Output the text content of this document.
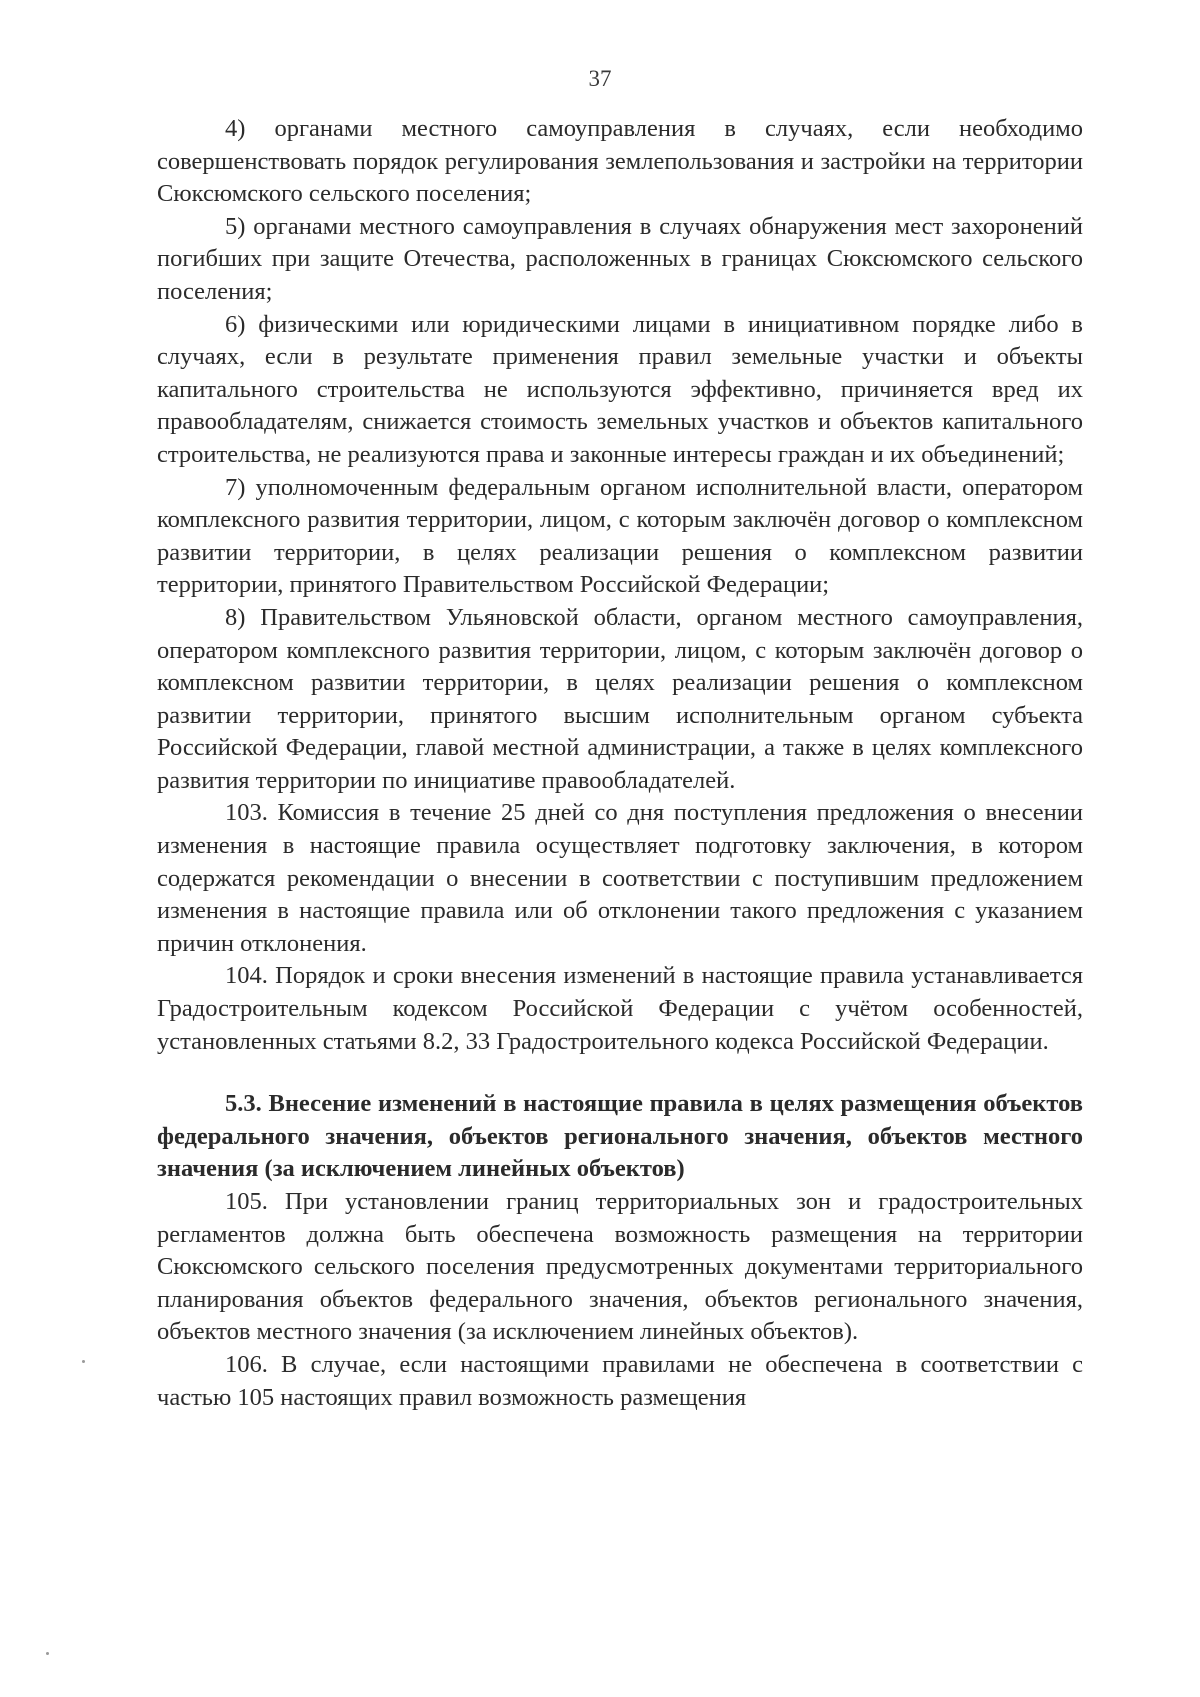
37

4) органами местного самоуправления в случаях, если необходимо совершенствовать порядок регулирования землепользования и застройки на территории Сюксюмского сельского поселения;

5) органами местного самоуправления в случаях обнаружения мест захоронений погибших при защите Отечества, расположенных в границах Сюксюмского сельского поселения;

6) физическими или юридическими лицами в инициативном порядке либо в случаях, если в результате применения правил земельные участки и объекты капитального строительства не используются эффективно, причиняется вред их правообладателям, снижается стоимость земельных участков и объектов капитального строительства, не реализуются права и законные интересы граждан и их объединений;

7) уполномоченным федеральным органом исполнительной власти, оператором комплексного развития территории, лицом, с которым заключён договор о комплексном развитии территории, в целях реализации решения о комплексном развитии территории, принятого Правительством Российской Федерации;

8) Правительством Ульяновской области, органом местного самоуправления, оператором комплексного развития территории, лицом, с которым заключён договор о комплексном развитии территории, в целях реализации решения о комплексном развитии территории, принятого высшим исполнительным органом субъекта Российской Федерации, главой местной администрации, а также в целях комплексного развития территории по инициативе правообладателей.

103. Комиссия в течение 25 дней со дня поступления предложения о внесении изменения в настоящие правила осуществляет подготовку заключения, в котором содержатся рекомендации о внесении в соответствии с поступившим предложением изменения в настоящие правила или об отклонении такого предложения с указанием причин отклонения.

104. Порядок и сроки внесения изменений в настоящие правила устанавливается Градостроительным кодексом Российской Федерации с учётом особенностей, установленных статьями 8.2, 33 Градостроительного кодекса Российской Федерации.

5.3. Внесение изменений в настоящие правила в целях размещения объектов федерального значения, объектов регионального значения, объектов местного значения (за исключением линейных объектов)

105. При установлении границ территориальных зон и градостроительных регламентов должна быть обеспечена возможность размещения на территории Сюксюмского сельского поселения предусмотренных документами территориального планирования объектов федерального значения, объектов регионального значения, объектов местного значения (за исключением линейных объектов).

106. В случае, если настоящими правилами не обеспечена в соответствии с частью 105 настоящих правил возможность размещения
